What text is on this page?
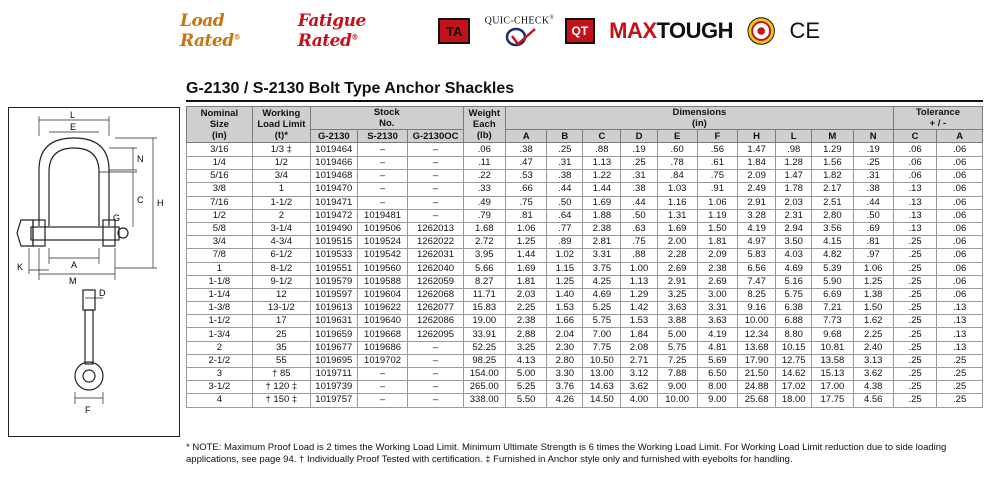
Load Rated®
Fatigue Rated®	TA
QUIC-CHECK®
QT MAXTOUGH	CE
G-2130 / S-2130 Bolt Type Anchor Shackles
L
E
N
C H
G
A
K
M
D
F
Nominal
Size
(in)	Working
Load Limit
(t)*	Stock
No.			Weight
Each
(lb)	Dimensions
(in)										Tolerance
+ / -	

		G-2130	S-2130	G-2130OC		A	B	C	D	E	F	H	L	M	N	C	A
3/16	1/3 ‡	1019464	–	–	.06	.38	.25	.88	.19	.60	.56	1.47	.98	1.29	.19	.06	.06
1/4	1/2	1019466	–	–	.11	.47	.31	1.13	.25	.78	.61	1.84	1.28	1.56	.25	.06	.06
5/16	3/4	1019468	–	–	.22	.53	.38	1.22	.31	.84	.75	2.09	1.47	1.82	.31	.06	.06
3/8	1	1019470	–	–	.33	.66	.44	1.44	.38	1.03	.91	2.49	1.78	2.17	.38	.13	.06
7/16	1-1/2	1019471	–	–	.49	.75	.50	1.69	.44	1.16	1.06	2.91	2.03	2.51	.44	.13	.06
1/2	2	1019472	1019481	–	.79	.81	.64	1.88	.50	1.31	1.19	3.28	2.31	2.80	.50	.13	.06
5/8	3-1/4	1019490	1019506	1262013	1.68	1.06	.77	2.38	.63	1.69	1.50	4.19	2.94	3.56	.69	.13	.06
3/4	4-3/4	1019515	1019524	1262022	2.72	1.25	.89	2.81	.75	2.00	1.81	4.97	3.50	4.15	.81	.25	.06
7/8	6-1/2	1019533	1019542	1262031	3.95	1.44	1.02	3.31	.88	2.28	2.09	5.83	4.03	4.82	.97	.25	.06
1	8-1/2	1019551	1019560	1262040	5.66	1.69	1.15	3.75	1.00	2.69	2.38	6.56	4.69	5.39	1.06	.25	.06
1-1/8	9-1/2	1019579	1019588	1262059	8.27	1.81	1.25	4.25	1.13	2.91	2.69	7.47	5.16	5.90	1.25	.25	.06
1-1/4	12	1019597	1019604	1262068	11.71	2.03	1.40	4.69	1.29	3.25	3.00	8.25	5.75	6.69	1.38	.25	.06
1-3/8	13-1/2	1019613	1019622	1262077	15.83	2.25	1.53	5.25	1.42	3.63	3.31	9.16	6.38	7.21	1.50	.25	.13
1-1/2	17	1019631	1019640	1262086	19.00	2.38	1.66	5.75	1.53	3.88	3.63	10.00	6.88	7.73	1.62	.25	.13
1-3/4	25	1019659	1019668	1262095	33.91	2.88	2.04	7.00	1.84	5.00	4.19	12.34	8.80	9.68	2.25	.25	.13
2	35	1019677	1019686	–	52.25	3.25	2.30	7.75	2.08	5.75	4.81	13.68	10.15	10.81	2.40	.25	.13
2-1/2	55	1019695	1019702	–	98.25	4.13	2.80	10.50	2.71	7.25	5.69	17.90	12.75	13.58	3.13	.25	.25
3	† 85	1019711	–	–	154.00	5.00	3.30	13.00	3.12	7.88	6.50	21.50	14.62	15.13	3.62	.25	.25
3-1/2	† 120 ‡	1019739	–	–	265.00	5.25	3.76	14.63	3.62	9.00	8.00	24.88	17.02	17.00	4.38	.25	.25
4	† 150 ‡	1019757	–	–	338.00	5.50	4.26	14.50	4.00	10.00	9.00	25.68	18.00	17.75	4.56	.25	.25

* NOTE: Maximum Proof Load is 2 times the Working Load Limit. Minimum Ultimate Strength is 6 times the Working Load Limit. For Working Load Limit reduction due to side loading applications, see page 94. † Individually Proof Tested with certification. ‡ Furnished in Anchor style only and furnished with eyebolts for handling.
